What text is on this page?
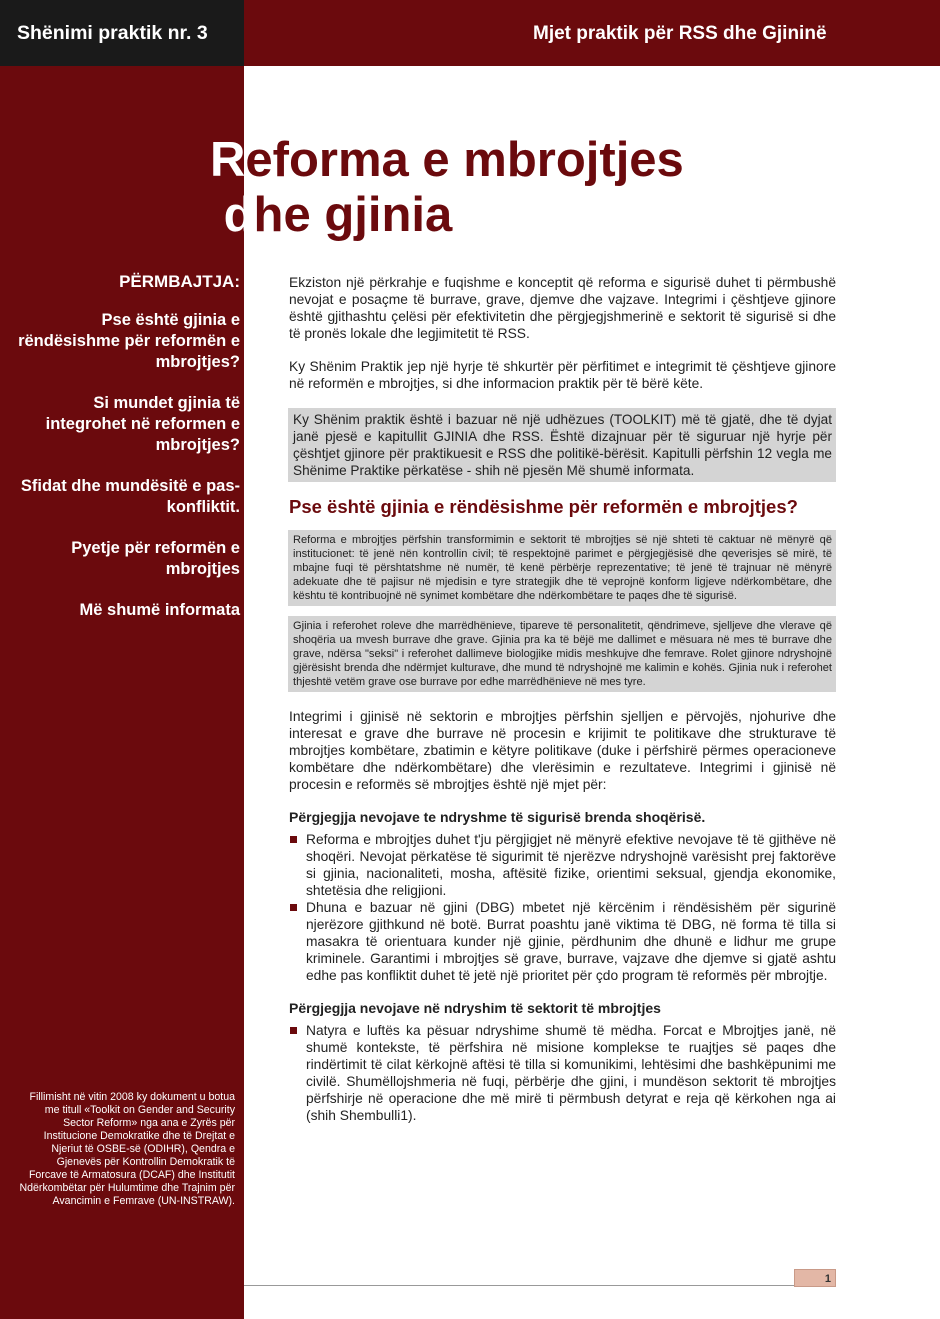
Shënimi praktik nr. 3	Mjet praktik për RSS dhe Gjininë
Reforma e mbrojtjes
dhe gjinia
PËRMBAJTJA:
Pse është gjinia e rëndësishme për reformën e mbrojtjes?
Si mundet gjinia të integrohet në reformen e mbrojtjes?
Sfidat dhe mundësitë e pas-konfliktit.
Pyetje për reformën e mbrojtjes
Më shumë informata
Fillimisht në vitin 2008 ky dokument u botua me titull «Toolkit on Gender and Security Sector Reform» nga ana e Zyrës për Institucione Demokratike dhe të Drejtat e Njeriut të OSBE-së (ODIHR), Qendra e Gjenevës për Kontrollin Demokratik të Forcave të Armatosura (DCAF) dhe Institutit Ndërkombëtar për Hulumtime dhe Trajnim për Avancimin e Femrave (UN-INSTRAW).

Ekziston një përkrahje e fuqishme e konceptit që reforma e sigurisë duhet ti përmbushë nevojat e posaçme të burrave, grave, djemve dhe vajzave. Integrimi i çështjeve gjinore është gjithashtu çelësi për efektivitetin dhe përgjegjshmerinë e sektorit të sigurisë si dhe të pronës lokale dhe legjimitetit të RSS.

Ky Shënim Praktik jep një hyrje të shkurtër për përfitimet e integrimit të çështjeve gjinore në reformën e mbrojtjes, si dhe informacion praktik për të bërë këte.

Ky Shënim praktik është i bazuar në një udhëzues (TOOLKIT) më të gjatë, dhe të dyjat janë pjesë e kapitullit GJINIA dhe RSS. Është dizajnuar për të siguruar një hyrje për çështjet gjinore për praktikuesit e RSS dhe politikë-bërësit. Kapitulli përfshin 12 vegla me Shënime Praktike përkatëse - shih në pjesën Më shumë informata.
Pse është gjinia e rëndësishme për reformën e mbrojtjes?
Reforma e mbrojtjes përfshin transformimin e sektorit të mbrojtjes së një shteti të caktuar në mënyrë që institucionet: të jenë nën kontrollin civil; të respektojnë parimet e përgjegjësisë dhe qeverisjes së mirë, të mbajne fuqi të përshtatshme në numër, të kenë përbërje reprezentative; të jenë të trajnuar në mënyrë adekuate dhe të pajisur në mjedisin e tyre strategjik dhe të veprojnë konform ligjeve ndërkombëtare, dhe kështu të kontribuojnë në synimet kombëtare dhe ndërkombëtare te paqes dhe të sigurisë.
Gjinia i referohet roleve dhe marrëdhënieve, tipareve të personalitetit, qëndrimeve, sjelljeve dhe vlerave që shoqëria ua mvesh burrave dhe grave. Gjinia pra ka të bëjë me dallimet e mësuara në mes të burrave dhe grave, ndërsa "seksi" i referohet dallimeve biologjike midis meshkujve dhe femrave. Rolet gjinore ndryshojnë gjërësisht brenda dhe ndërmjet kulturave, dhe mund të ndryshojnë me kalimin e kohës. Gjinia nuk i referohet thjeshtë vetëm grave ose burrave por edhe marrëdhënieve në mes tyre.

Integrimi i gjinisë në sektorin e mbrojtjes përfshin sjelljen e përvojës, njohurive dhe interesat e grave dhe burrave në procesin e krijimit te politikave dhe strukturave të mbrojtjes kombëtare, zbatimin e këtyre politikave (duke i përfshirë përmes operacioneve kombëtare dhe ndërkombëtare) dhe vlerësimin e rezultateve. Integrimi i gjinisë në procesin e reformës së mbrojtjes është një mjet për:

Përgjegjja nevojave te ndryshme të sigurisë brenda shoqërisë.
Reforma e mbrojtjes duhet t'ju përgjigjet në mënyrë efektive nevojave të të gjithëve në shoqëri. Nevojat përkatëse të sigurimit të njerëzve ndryshojnë varësisht prej faktorëve si gjinia, nacionaliteti, mosha, aftësitë fizike, orientimi seksual, gjendja ekonomike, shtetësia dhe religjioni.
Dhuna e bazuar në gjini (DBG) mbetet një kërcënim i rëndësishëm për sigurinë njerëzore gjithkund në botë. Burrat poashtu janë viktima të DBG, në forma të tilla si masakra të orientuara kunder një gjinie, përdhunim dhe dhunë e lidhur me grupe kriminele. Garantimi i mbrojtjes së grave, burrave, vajzave dhe djemve si gjatë ashtu edhe pas konfliktit duhet të jetë një prioritet për çdo program të reformës për mbrojtje.
Përgjegjja nevojave në ndryshim të sektorit të mbrojtjes
Natyra e luftës ka pësuar ndryshime shumë të mëdha. Forcat e Mbrojtjes janë, në shumë kontekste, të përfshira në misione komplekse te ruajtjes së paqes dhe rindërtimit të cilat kërkojnë aftësi të tilla si komunikimi, lehtësimi dhe bashkëpunimi me civilë. Shumëllojshmeria në fuqi, përbërje dhe gjini, i mundëson sektorit të mbrojtjes përfshirje në operacione dhe më mirë ti përmbush detyrat e reja që kërkohen nga ai (shih Shembulli1).
1
